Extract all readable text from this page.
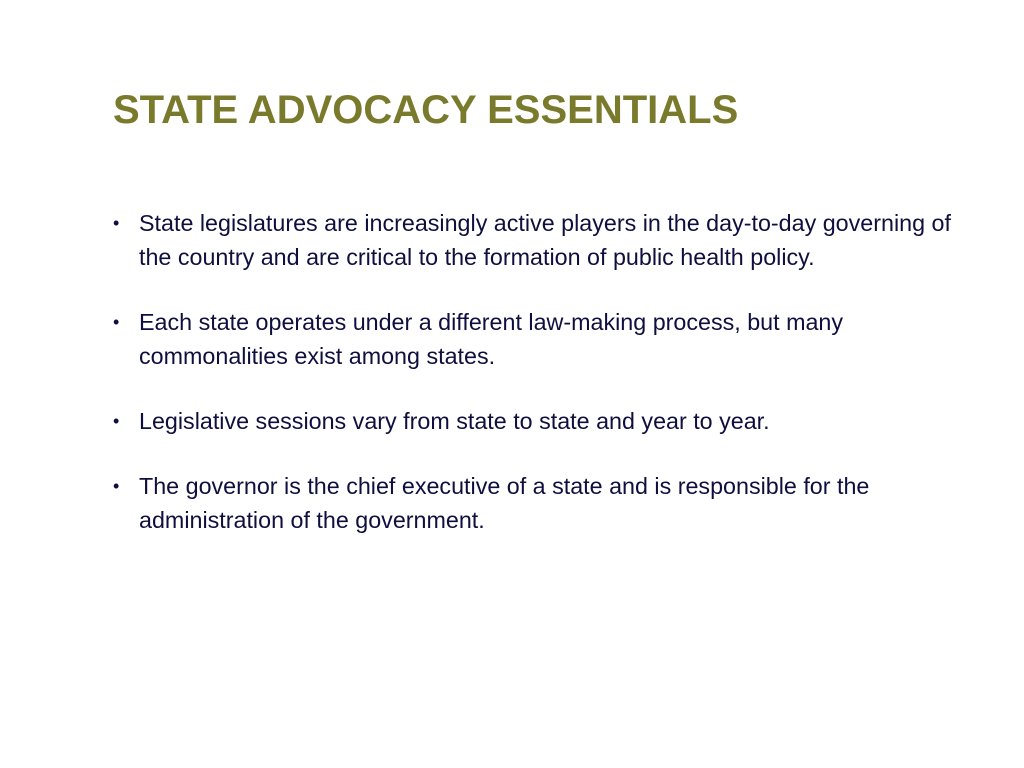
STATE ADVOCACY ESSENTIALS
• State legislatures are increasingly active players in the day-to-day governing of the country and are critical to the formation of public health policy.
• Each state operates under a different law-making process, but many commonalities exist among states.
• Legislative sessions vary from state to state and year to year.
• The governor is the chief executive of a state and is responsible for the administration of the government.
